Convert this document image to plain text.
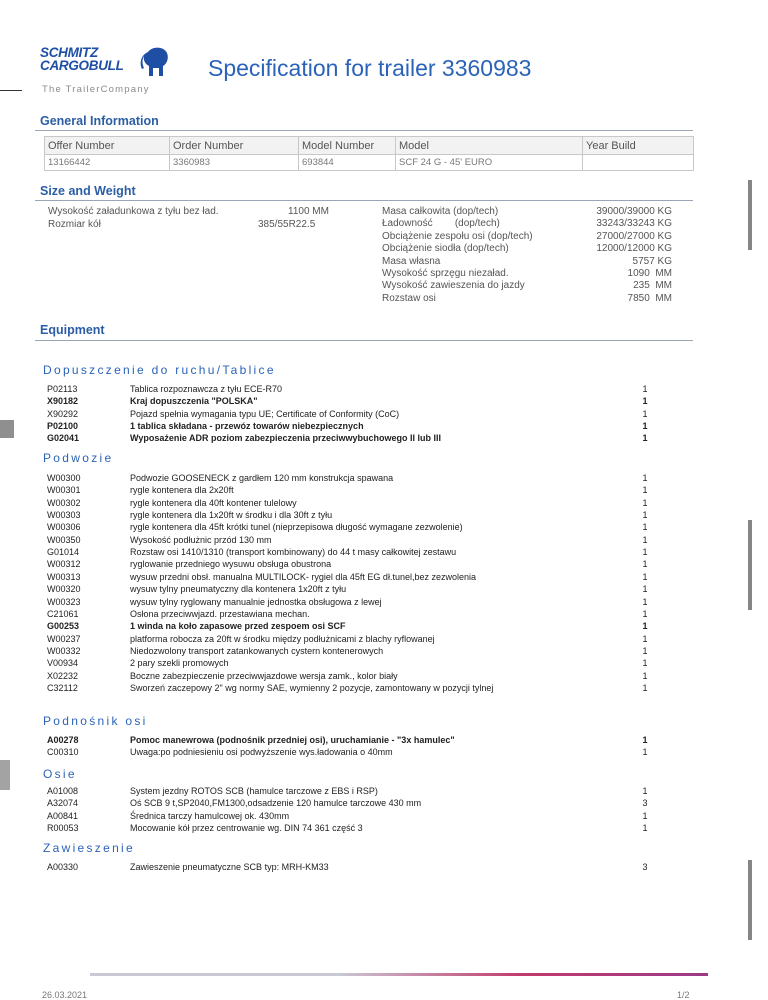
SCHMITZ
CARGOBULL
The TrailerCompany
Specification for trailer 3360983
General Information
Offer Number	Order Number	Model Number	Model	Year Build
13166442	3360983	693844	SCF 24 G - 45' EURO	
Size and Weight
Wysokość załadunkowa z tyłu bez ład.	1100 MM
Rozmiar kół	385/55R22.5
Masa całkowita (dop/tech)	39000/39000 KG
Ładowność        (dop/tech)	33243/33243 KG
Obciążenie zespołu osi (dop/tech)	27000/27000 KG
Obciążenie siodła (dop/tech)	12000/12000 KG
Masa własna	5757 KG
Wysokość sprzęgu niezaład.	1090  MM
Wysokość zawieszenia do jazdy	235  MM
Rozstaw osi	7850  MM
Equipment
Dopuszczenie do ruchu/Tablice
P02113	Tablica rozpoznawcza z tyłu ECE-R70	1
X90182	Kraj dopuszczenia "POLSKA"	1
X90292	Pojazd spełnia wymagania typu UE; Certificate of Conformity (CoC)	1
P02100	1 tablica składana - przewóz towarów niebezpiecznych	1
G02041	Wyposażenie ADR poziom zabezpieczenia przeciwwybuchowego II lub III	1
Podwozie
W00300	Podwozie GOOSENECK z gardłem 120 mm konstrukcja spawana	1
W00301	rygle kontenera dla 2x20ft	1
W00302	rygle kontenera dla 40ft kontener tulelowy	1
W00303	rygle kontenera dla 1x20ft w środku i dla 30ft z tyłu	1
W00306	rygle kontenera dla 45ft krótki tunel (nieprzepisowa długość wymagane zezwolenie)	1
W00350	Wysokość podłużnic przód 130 mm	1
G01014	Rozstaw osi 1410/1310 (transport kombinowany) do 44 t masy całkowitej zestawu	1
W00312	ryglowanie przedniego wysuwu obsługa obustrona	1
W00313	wysuw przedni obsł. manualna MULTILOCK- rygiel dla 45ft EG dł.tunel,bez zezwolenia	1
W00320	wysuw tylny pneumatyczny dla kontenera 1x20ft z tyłu	1
W00323	wysuw tylny ryglowany manualnie jednostka obsługowa z lewej	1
C21061	Osłona przeciwwjazd. przestawiana mechan.	1
G00253	1 winda na koło zapasowe przed zespoem osi SCF	1
W00237	platforma robocza za 20ft w środku między podłużnicami z blachy ryflowanej	1
W00332	Niedozwolony transport zatankowanych cystern kontenerowych	1
V00934	2 pary szekli promowych	1
X02232	Boczne zabezpieczenie przeciwwjazdowe wersja zamk., kolor biały	1
C32112	Sworzeń zaczepowy 2" wg normy SAE, wymienny 2 pozycje, zamontowany w pozycji tylnej	1
Podnośnik osi
A00278	Pomoc manewrowa (podnośnik przedniej osi), uruchamianie - "3x hamulec"	1
C00310	Uwaga:po podniesieniu osi podwyższenie wys.ładowania o 40mm	1
Osie
A01008	System jezdny ROTOS SCB (hamulce tarczowe z EBS i RSP)	1
A32074	Oś SCB 9 t,SP2040,FM1300,odsadzenie 120 hamulce tarczowe 430 mm	3
A00841	Średnica tarczy hamulcowej ok. 430mm	1
R00053	Mocowanie kół przez centrowanie wg. DIN 74 361 część 3	1
Zawieszenie
A00330	Zawieszenie pneumatyczne SCB typ: MRH-KM33	3
26.03.2021	1/2
